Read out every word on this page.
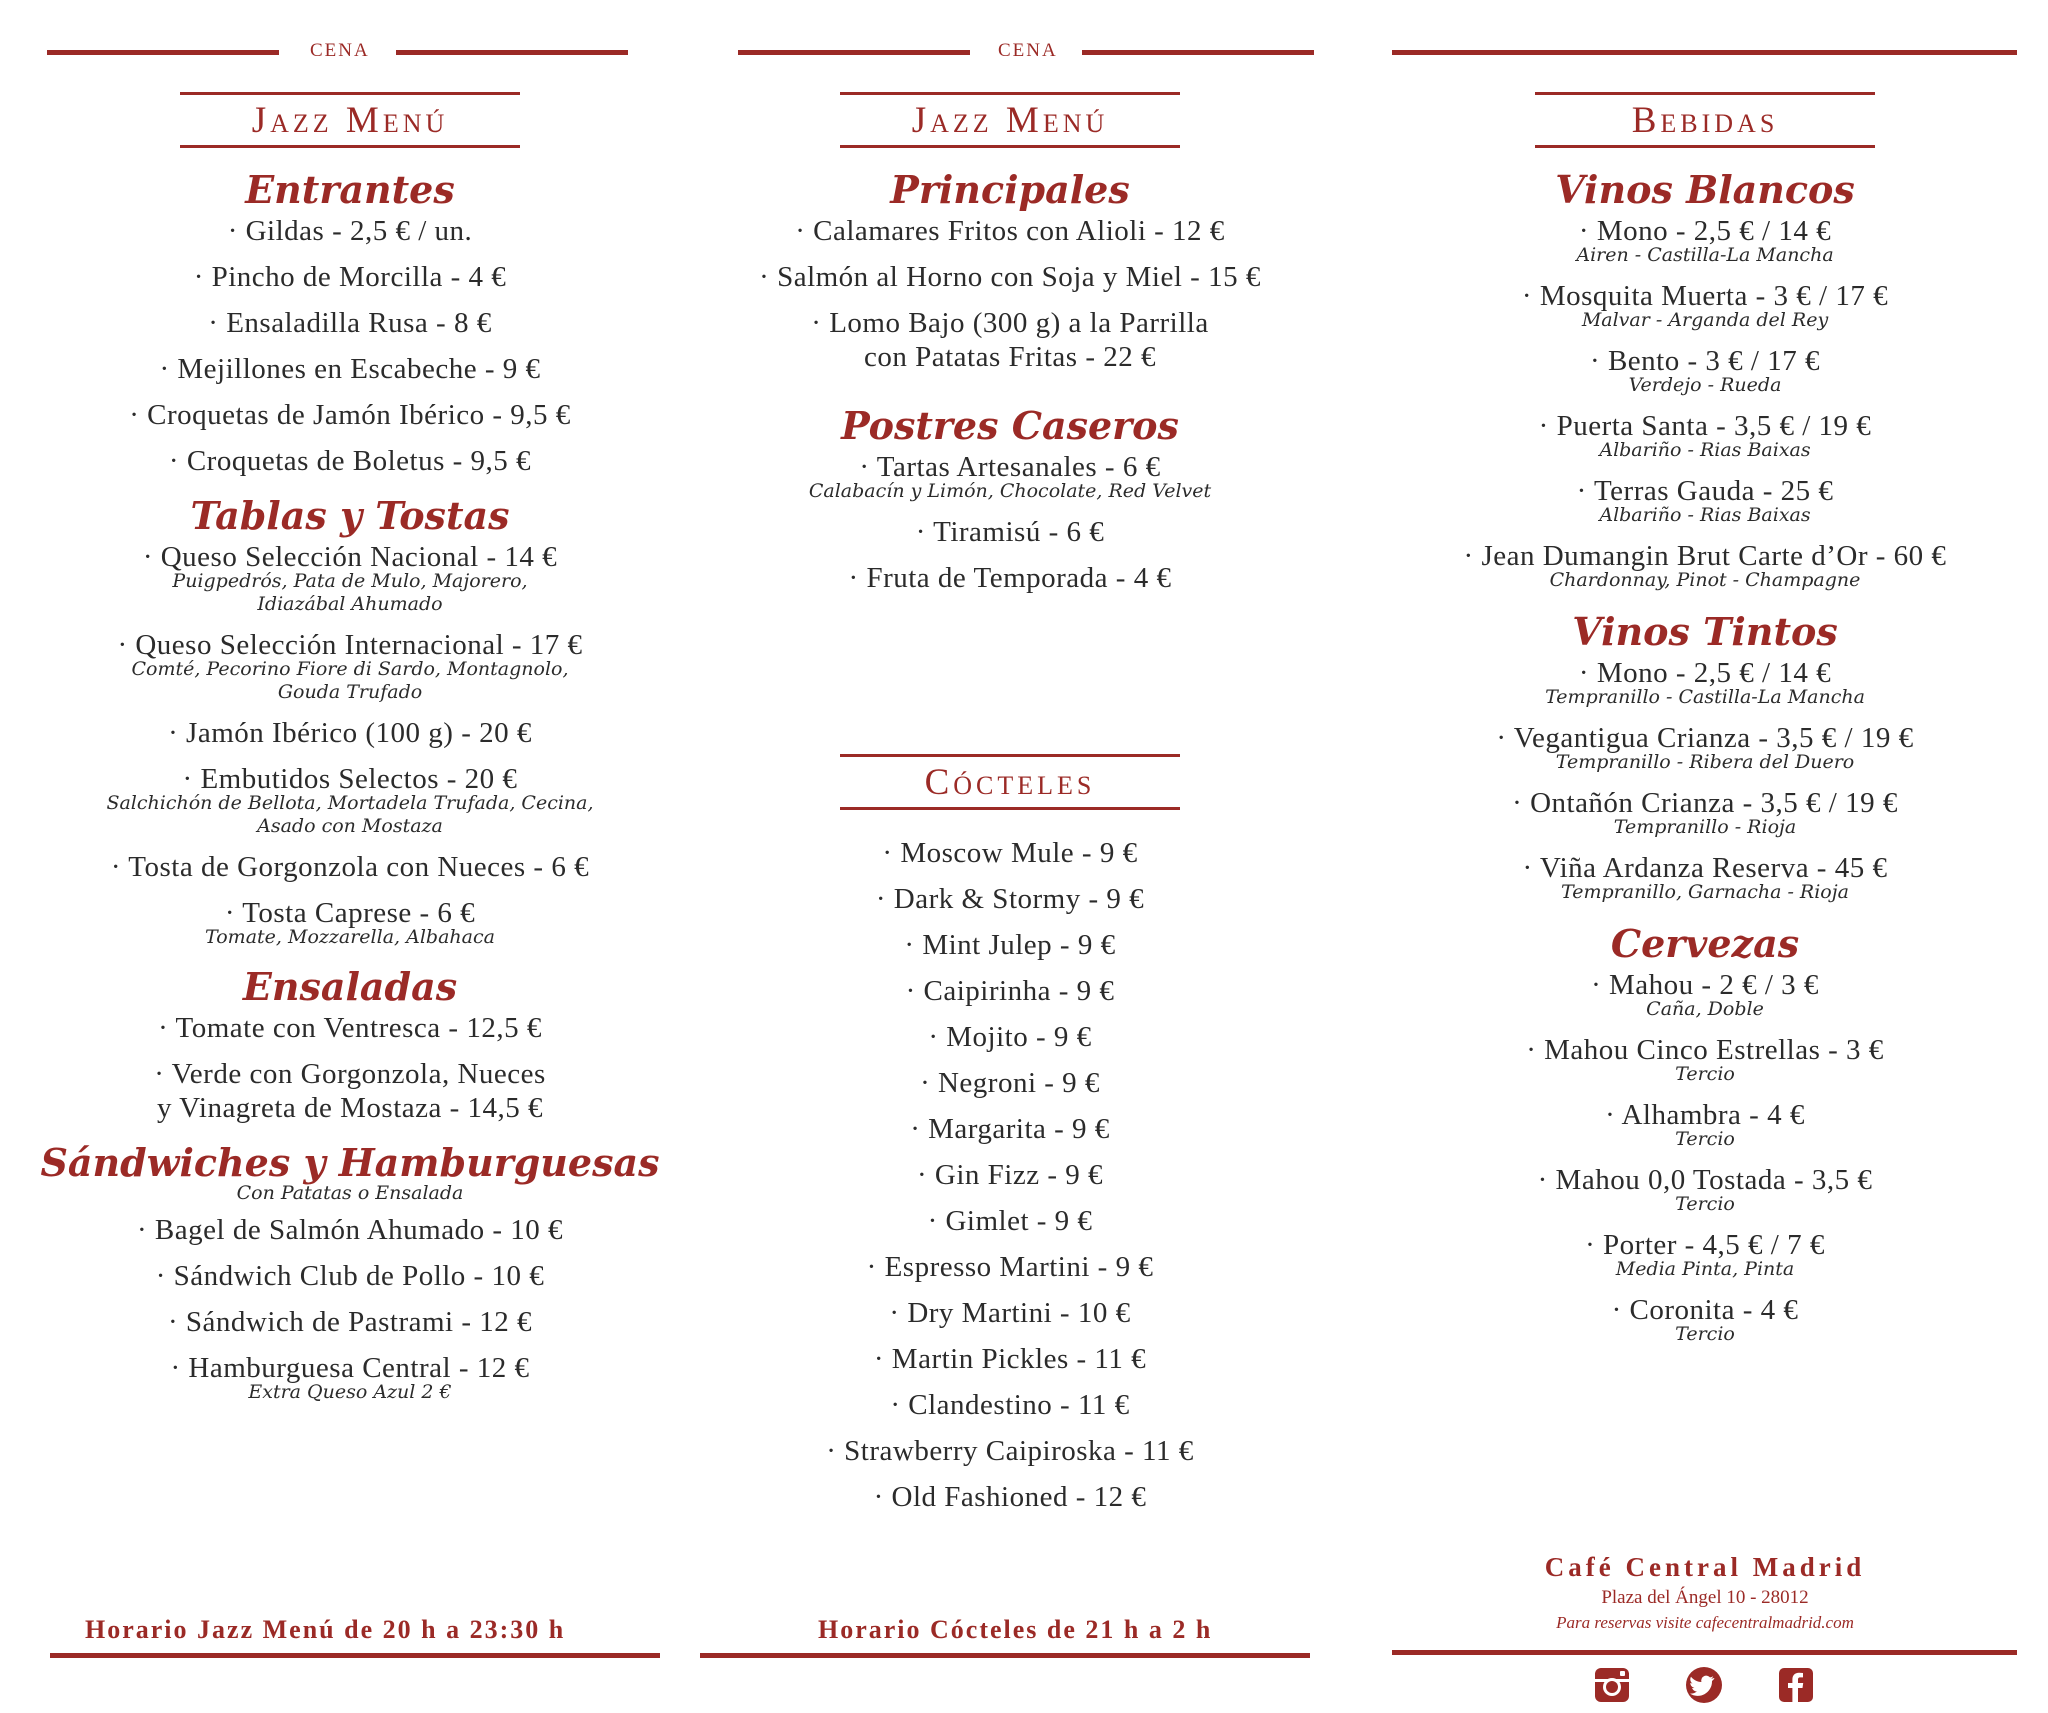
CENA	CENA
Jazz Menú
Entrantes
· Gildas - 2,5 € / un.
· Pincho de Morcilla - 4 €
· Ensaladilla Rusa - 8 €
· Mejillones en Escabeche - 9 €
· Croquetas de Jamón Ibérico - 9,5 €
· Croquetas de Boletus - 9,5 €
Tablas y Tostas
· Queso Selección Nacional - 14 €
Puigpedrós, Pata de Mulo, Majorero,
Idiazábal Ahumado
· Queso Selección Internacional - 17 €
Comté, Pecorino Fiore di Sardo, Montagnolo,
Gouda Trufado
· Jamón Ibérico (100 g) - 20 €
· Embutidos Selectos - 20 €
Salchichón de Bellota, Mortadela Trufada, Cecina,
Asado con Mostaza
· Tosta de Gorgonzola con Nueces - 6 €
· Tosta Caprese - 6 €
Tomate, Mozzarella, Albahaca
Ensaladas
· Tomate con Ventresca - 12,5 €
· Verde con Gorgonzola, Nueces
y Vinagreta de Mostaza - 14,5 €
Sándwiches y Hamburguesas
Con Patatas o Ensalada
· Bagel de Salmón Ahumado - 10 €
· Sándwich Club de Pollo - 10 €
· Sándwich de Pastrami - 12 €
· Hamburguesa Central - 12 €
Extra Queso Azul 2 €
Jazz Menú
Principales
· Calamares Fritos con Alioli - 12 €
· Salmón al Horno con Soja y Miel - 15 €
· Lomo Bajo (300 g) a la Parrilla
con Patatas Fritas - 22 €
Postres Caseros
· Tartas Artesanales - 6 €
Calabacín y Limón, Chocolate, Red Velvet
· Tiramisú - 6 €
· Fruta de Temporada - 4 €
Cócteles
· Moscow Mule - 9 €
· Dark & Stormy - 9 €
· Mint Julep - 9 €
· Caipirinha - 9 €
· Mojito - 9 €
· Negroni - 9 €
· Margarita - 9 €
· Gin Fizz - 9 €
· Gimlet - 9 €
· Espresso Martini - 9 €
· Dry Martini - 10 €
· Martin Pickles - 11 €
· Clandestino - 11 €
· Strawberry Caipiroska - 11 €
· Old Fashioned - 12 €
Bebidas
Vinos Blancos
· Mono - 2,5 € / 14 €
Airen - Castilla-La Mancha
· Mosquita Muerta - 3 € / 17 €
Malvar - Arganda del Rey
· Bento - 3 € / 17 €
Verdejo - Rueda
· Puerta Santa - 3,5 € / 19 €
Albariño - Rias Baixas
· Terras Gauda - 25 €
Albariño - Rias Baixas
· Jean Dumangin Brut Carte d’Or - 60 €
Chardonnay, Pinot - Champagne
Vinos Tintos
· Mono - 2,5 € / 14 €
Tempranillo - Castilla-La Mancha
· Vegantigua Crianza - 3,5 € / 19 €
Tempranillo - Ribera del Duero
· Ontañón Crianza - 3,5 € / 19 €
Tempranillo - Rioja
· Viña Ardanza Reserva - 45 €
Tempranillo, Garnacha - Rioja
Cervezas
· Mahou - 2 € / 3 €
Caña, Doble
· Mahou Cinco Estrellas - 3 €
Tercio
· Alhambra - 4 €
Tercio
· Mahou 0,0 Tostada - 3,5 €
Tercio
· Porter - 4,5 € / 7 €
Media Pinta, Pinta
· Coronita - 4 €
Tercio
Horario Jazz Menú de 20 h a 23:30 h	Horario Cócteles de 21 h a 2 h
Café Central Madrid
Plaza del Ángel 10 - 28012
Para reservas visite cafecentralmadrid.com
